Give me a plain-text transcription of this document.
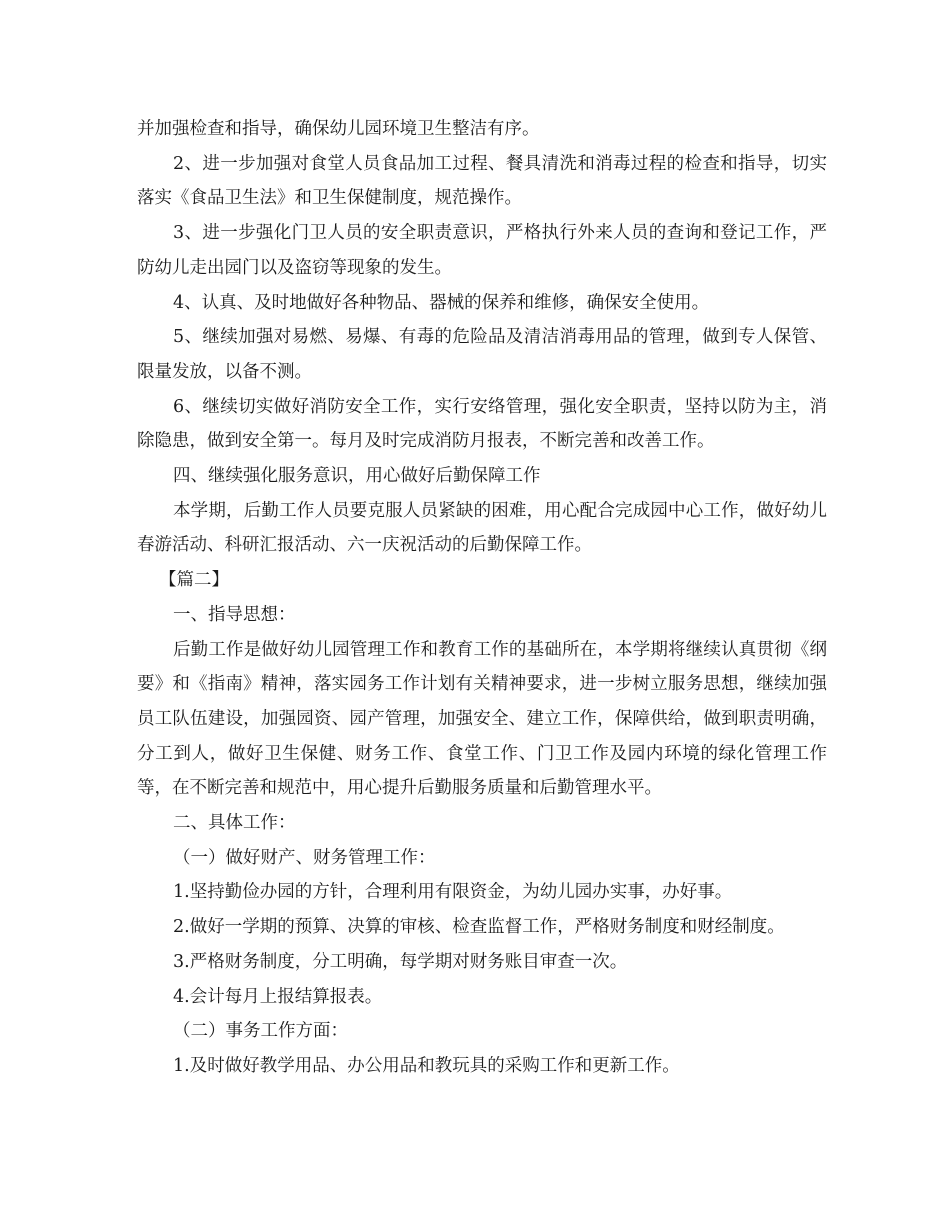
并加强检查和指导，确保幼儿园环境卫生整洁有序。

2、进一步加强对食堂人员食品加工过程、餐具清洗和消毒过程的检查和指导，切实落实《食品卫生法》和卫生保健制度，规范操作。

3、进一步强化门卫人员的安全职责意识，严格执行外来人员的查询和登记工作，严防幼儿走出园门以及盗窃等现象的发生。

4、认真、及时地做好各种物品、器械的保养和维修，确保安全使用。

5、继续加强对易燃、易爆、有毒的危险品及清洁消毒用品的管理，做到专人保管、限量发放，以备不测。

6、继续切实做好消防安全工作，实行安络管理，强化安全职责，坚持以防为主，消除隐患，做到安全第一。每月及时完成消防月报表，不断完善和改善工作。

四、继续强化服务意识，用心做好后勤保障工作

本学期，后勤工作人员要克服人员紧缺的困难，用心配合完成园中心工作，做好幼儿春游活动、科研汇报活动、六一庆祝活动的后勤保障工作。

【篇二】

一、指导思想：

后勤工作是做好幼儿园管理工作和教育工作的基础所在，本学期将继续认真贯彻《纲要》和《指南》精神，落实园务工作计划有关精神要求，进一步树立服务思想，继续加强员工队伍建设，加强园资、园产管理，加强安全、建立工作，保障供给，做到职责明确，分工到人，做好卫生保健、财务工作、食堂工作、门卫工作及园内环境的绿化管理工作等，在不断完善和规范中，用心提升后勤服务质量和后勤管理水平。

二、具体工作：

（一）做好财产、财务管理工作：

1.坚持勤俭办园的方针，合理利用有限资金，为幼儿园办实事，办好事。

2.做好一学期的预算、决算的审核、检查监督工作，严格财务制度和财经制度。

3.严格财务制度，分工明确，每学期对财务账目审查一次。

4.会计每月上报结算报表。

（二）事务工作方面：

1.及时做好教学用品、办公用品和教玩具的采购工作和更新工作。
